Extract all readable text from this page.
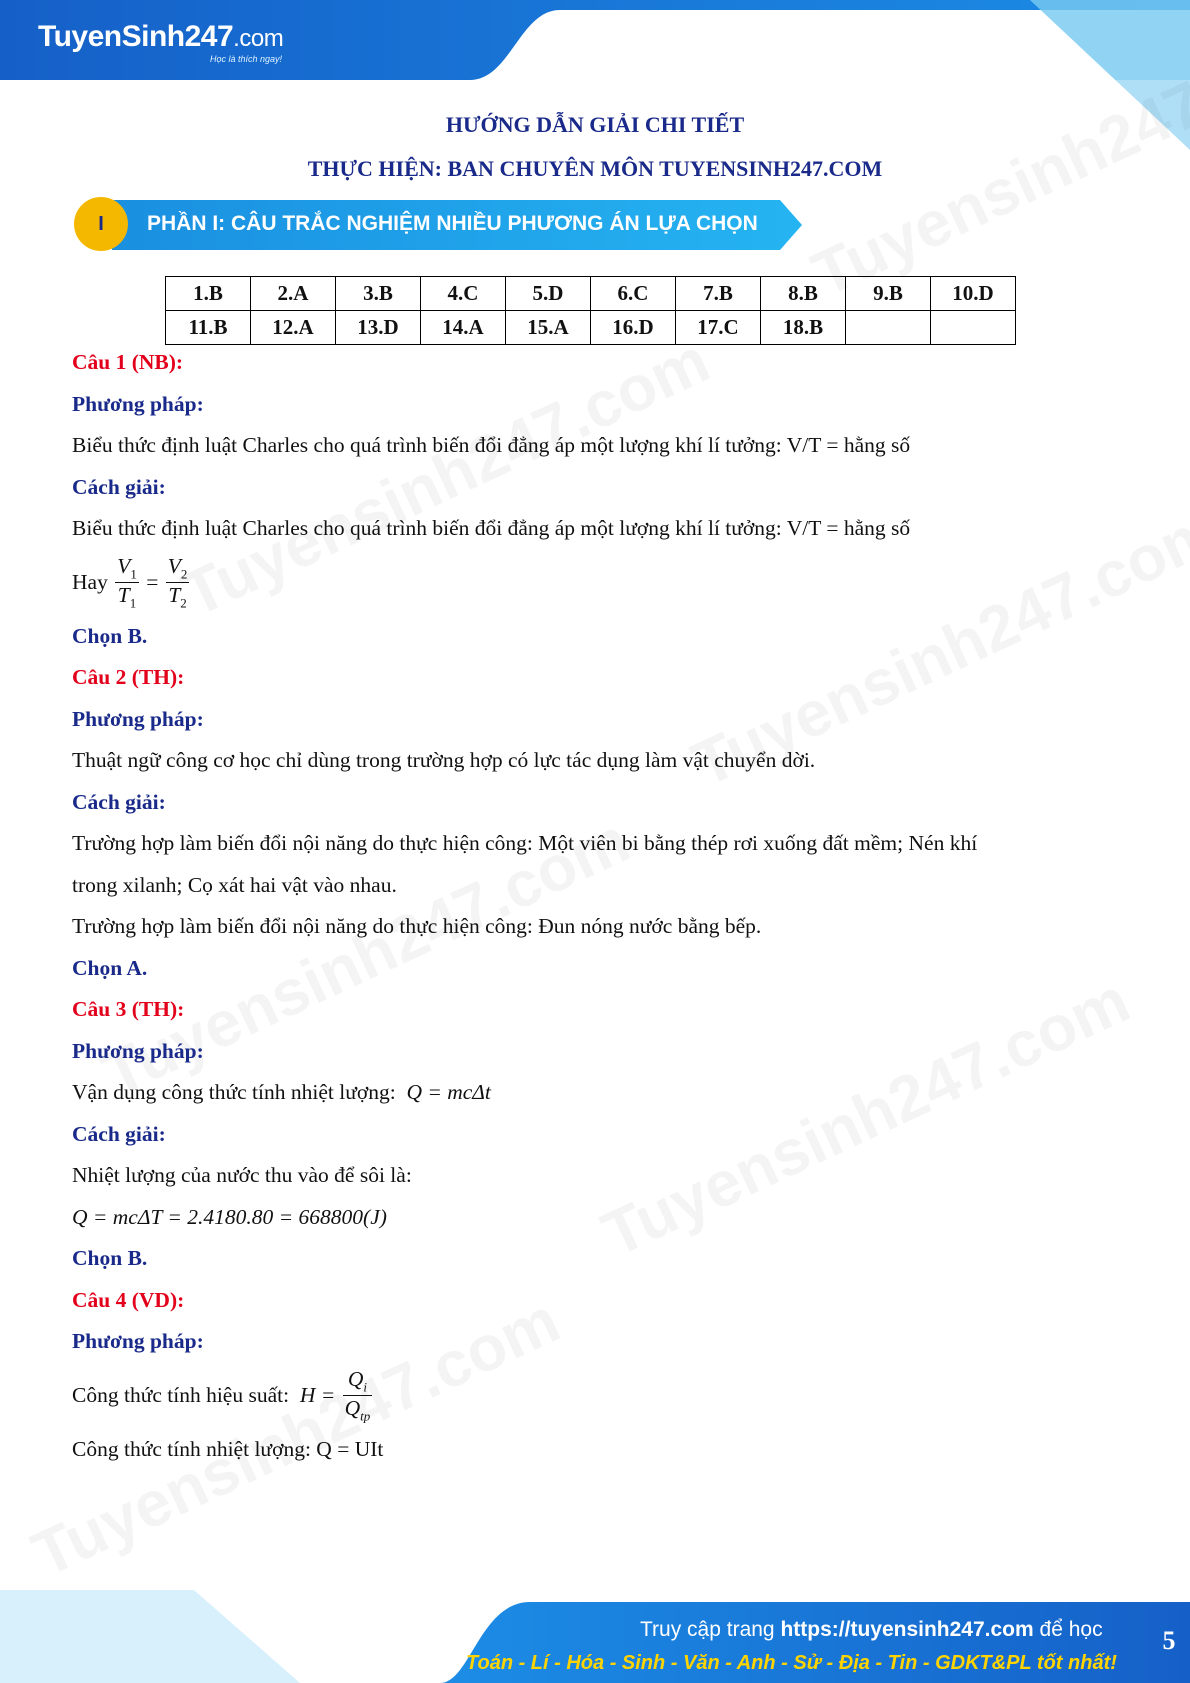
TuyenSinh247.com
Học là thích ngay!
HƯỚNG DẪN GIẢI CHI TIẾT
THỰC HIỆN: BAN CHUYÊN MÔN TUYENSINH247.COM
I	PHẦN I: CÂU TRẮC NGHIỆM NHIỀU PHƯƠNG ÁN LỰA CHỌN
1.B	2.A	3.B	4.C	5.D	6.C	7.B	8.B	9.B	10.D
11.B	12.A	13.D	14.A	15.A	16.D	17.C	18.B		
Câu 1 (NB):
Phương pháp:
Biểu thức định luật Charles cho quá trình biến đổi đẳng áp một lượng khí lí tưởng: V/T = hằng số
Cách giải:
Biểu thức định luật Charles cho quá trình biến đổi đẳng áp một lượng khí lí tưởng: V/T = hằng số
Hay
$\frac{V_1}{T_1} = \frac{V_2}{T_2}$
Chọn B.
Câu 2 (TH):
Phương pháp:
Thuật ngữ công cơ học chỉ dùng trong trường hợp có lực tác dụng làm vật chuyển dời.
Cách giải:
Trường hợp làm biến đổi nội năng do thực hiện công: Một viên bi bằng thép rơi xuống đất mềm; Nén khí
trong xilanh; Cọ xát hai vật vào nhau.
Trường hợp làm biến đổi nội năng do thực hiện công: Đun nóng nước bằng bếp.
Chọn A.
Câu 3 (TH):
Phương pháp:
Vận dụng công thức tính nhiệt lượng: Q = mcΔt
Cách giải:
Nhiệt lượng của nước thu vào để sôi là:
Q = mcΔT = 2.4180.80 = 668800(J)
Chọn B.
Câu 4 (VD):
Phương pháp:
Công thức tính hiệu suất:
$H = \frac{Q_i}{Q_{tp}}$
Công thức tính nhiệt lượng: Q = UIt
Truy cập trang https://tuyensinh247.com để học
Toán - Lí - Hóa - Sinh - Văn - Anh - Sử - Địa - Tin - GDKT&PL tốt nhất!
5
